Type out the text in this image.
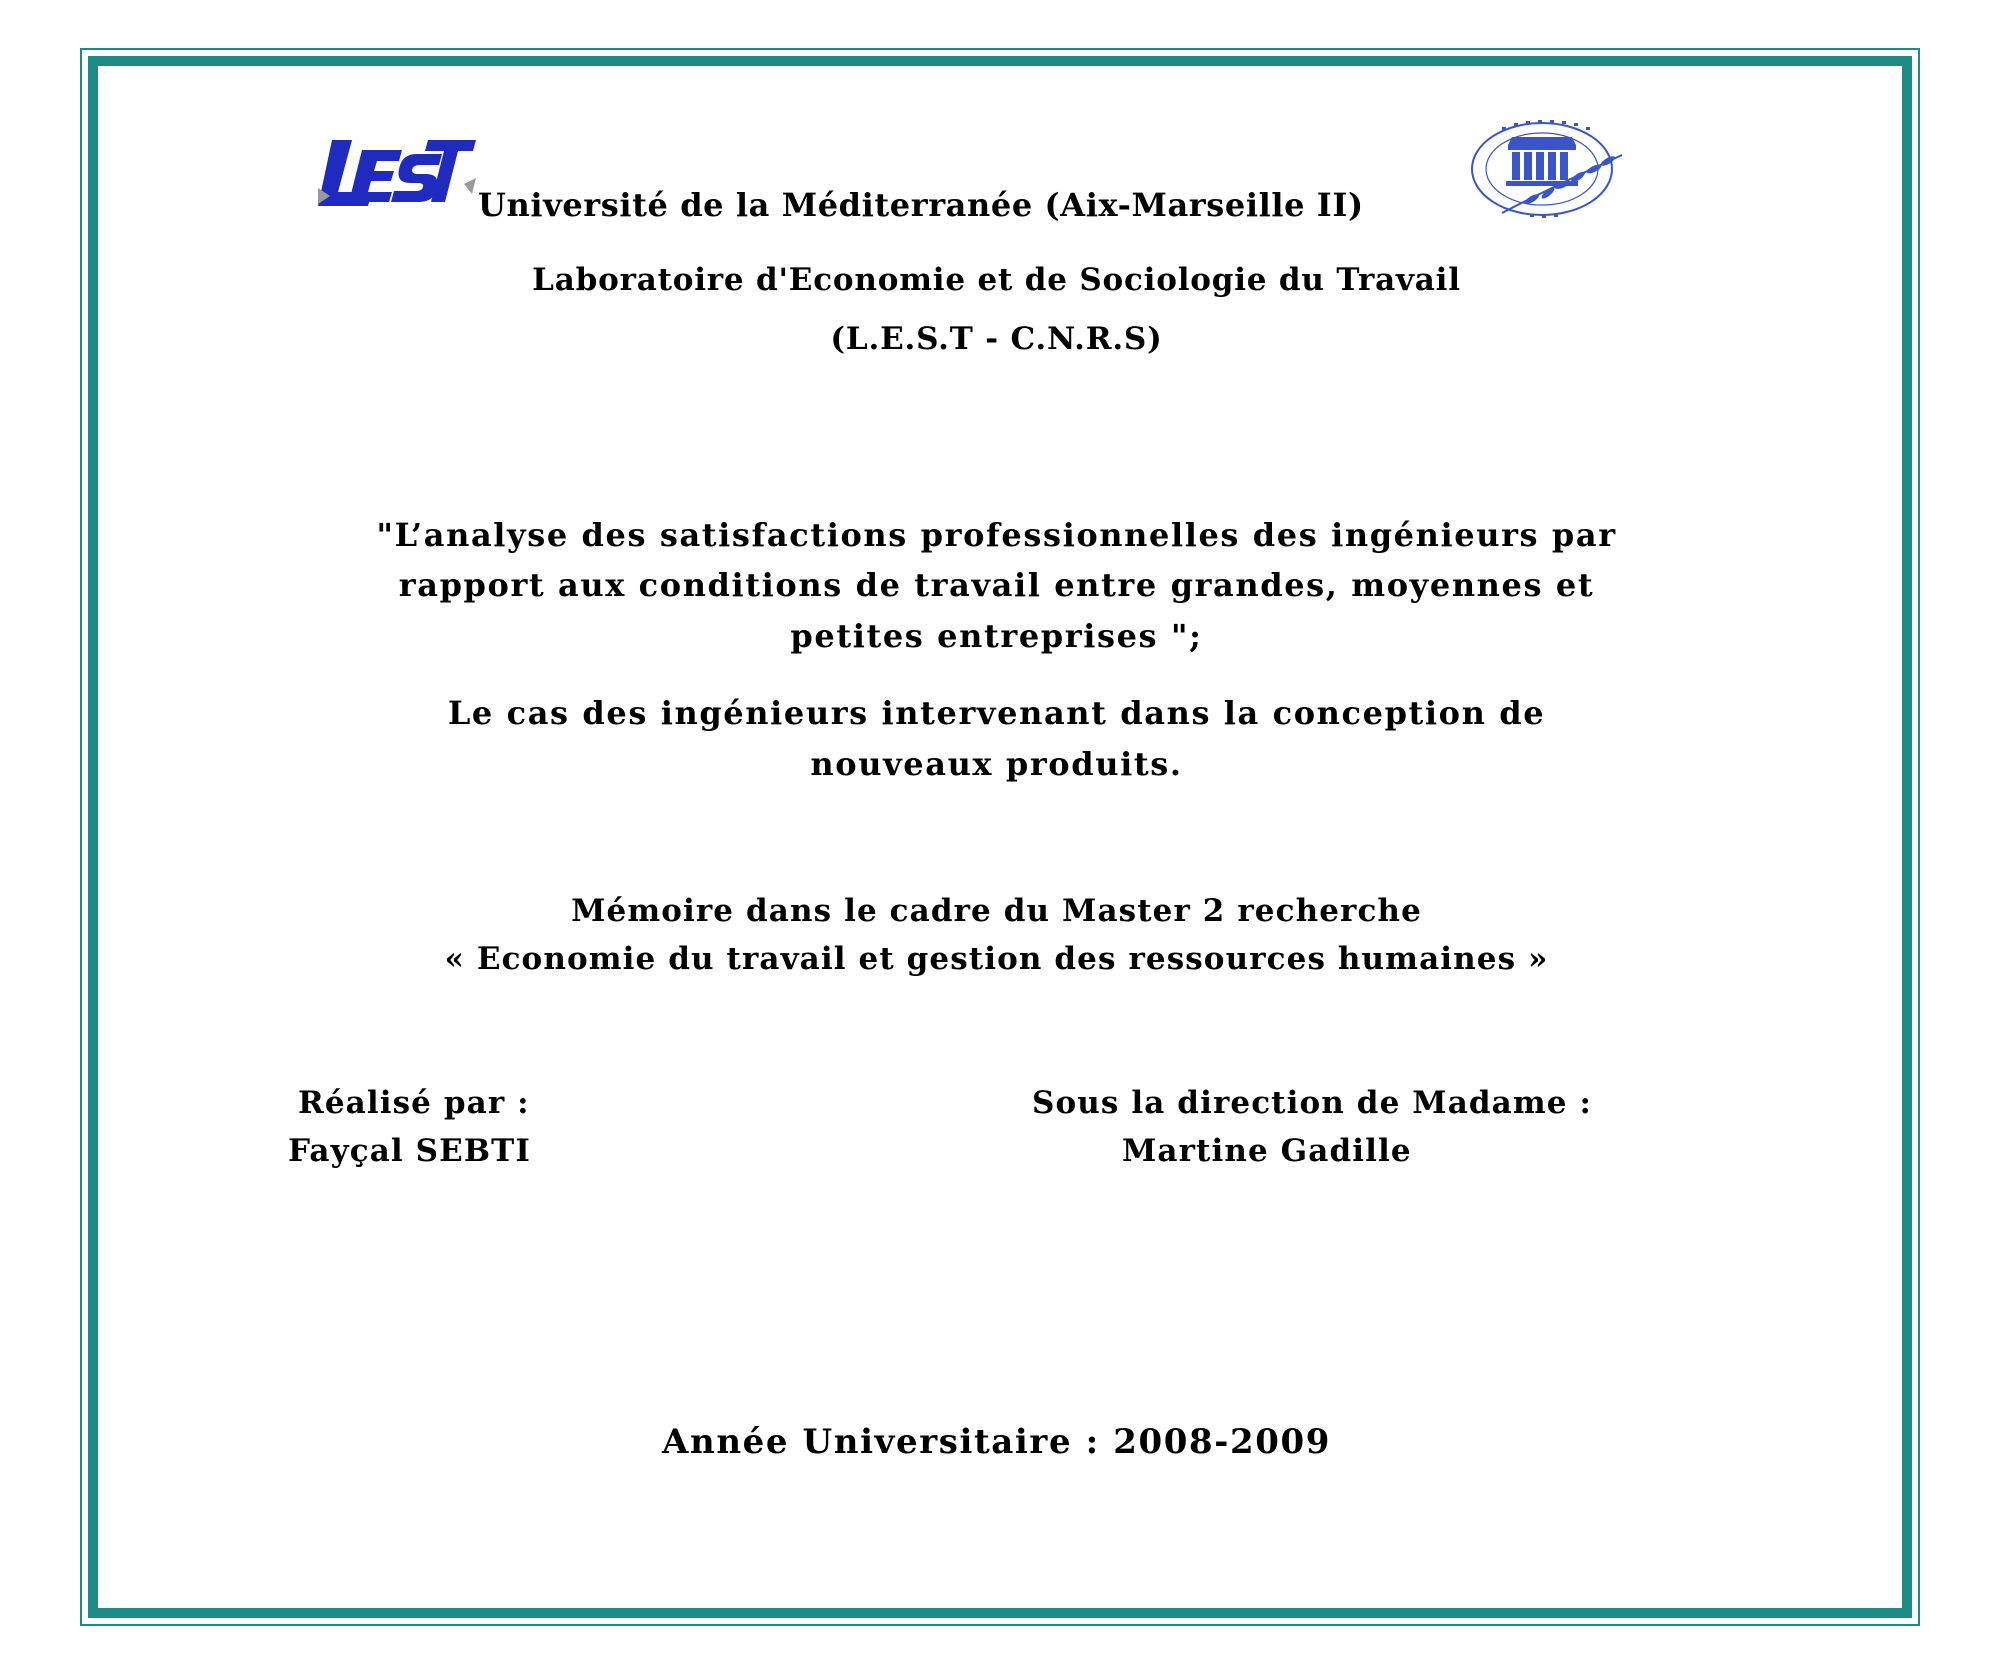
LEST Université de la Méditerranée (Aix-Marseille II)
Laboratoire d'Economie et de Sociologie du Travail
(L.E.S.T - C.N.R.S)
"L’analyse des satisfactions professionnelles des ingénieurs par
rapport aux conditions de travail entre grandes, moyennes et
petites entreprises ";
Le cas des ingénieurs intervenant dans la conception de
nouveaux produits.
Mémoire dans le cadre du Master 2 recherche
« Economie du travail et gestion des ressources humaines »
Réalisé par :
Fayçal SEBTI
Sous la direction de Madame :
Martine Gadille
Année Universitaire : 2008-2009
